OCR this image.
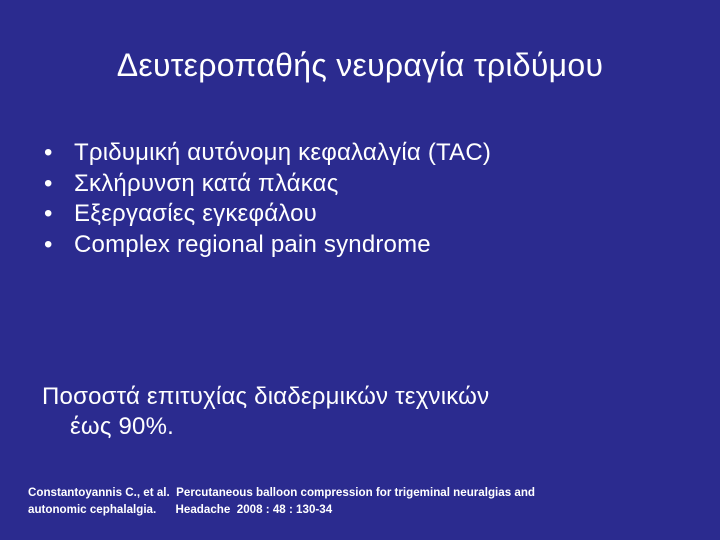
Δευτεροπαθής νευραγία τριδύμου
• Τριδυμική αυτόνομη κεφαλαλγία (TAC)
• Σκλήρυνση κατά πλάκας
• Εξεργασίες εγκεφάλου
• Complex regional pain syndrome
Ποσοστά επιτυχίας διαδερμικών τεχνικών
έως 90%.
Constantoyannis C., et al.  Percutaneous balloon compression for trigeminal neuralgias and
autonomic cephalalgia.      Headache  2008 : 48 : 130-34
